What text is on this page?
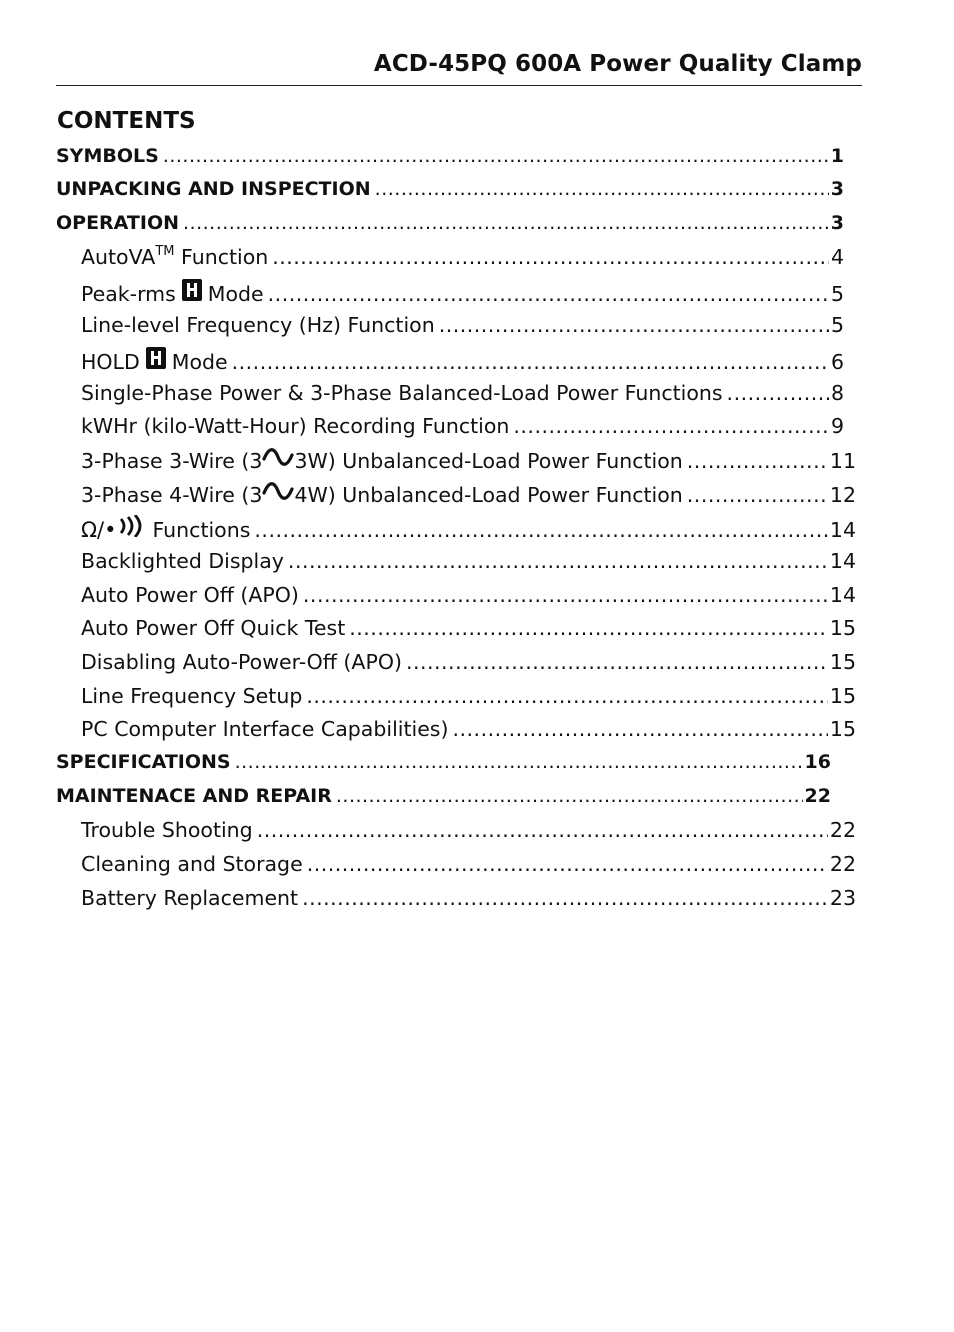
ACD-45PQ 600A Power Quality Clamp
CONTENTS
SYMBOLS .....	1
UNPACKING AND INSPECTION .....	3
OPERATION .....	3
AutoVA TM Function .....	4
Peak-rms Mode .....	5
Line-level Frequency (Hz) Function .....	5
HOLD Mode .....	6
Single-Phase Power & 3-Phase Balanced-Load Power Functions .....	8
kWHr (kilo-Watt-Hour) Recording Function .....	9
3-Phase 3-Wire (3 3W) Unbalanced-Load Power Function .....	11
3-Phase 4-Wire (3 4W) Unbalanced-Load Power Function .....	12
Ω/• Functions .....	14
Backlighted Display .....	14
Auto Power Off (APO) .....	14
Auto Power Off Quick Test .....	15
Disabling Auto-Power-Off (APO) .....	15
Line Frequency Setup .....	15
PC Computer Interface Capabilities) .....	15
SPECIFICATIONS .....	16
MAINTENACE AND REPAIR .....	22
Trouble Shooting .....	22
Cleaning and Storage .....	22
Battery Replacement .....	23
